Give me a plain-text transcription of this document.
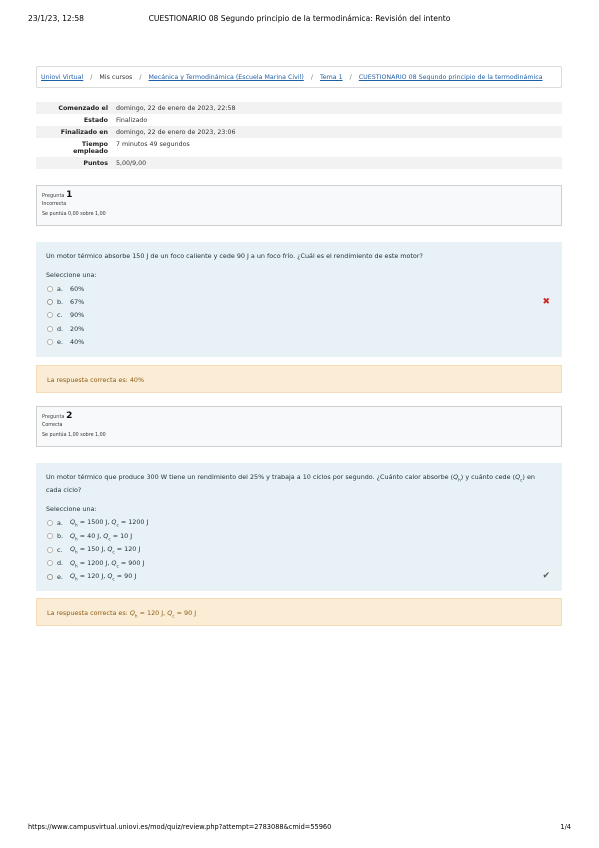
23/1/23, 12:58	CUESTIONARIO 08 Segundo principio de la termodinámica: Revisión del intento
Uniovi Virtual / Mis cursos / Mecánica y Termodinámica (Escuela Marina Civil) / Tema 1 / CUESTIONARIO 08 Segundo principio de la termodinámica
Comenzado el	domingo, 22 de enero de 2023, 22:58
Estado	Finalizado
Finalizado en	domingo, 22 de enero de 2023, 23:06
Tiempo
empleado	7 minutos 49 segundos
Puntos	5,00/9,00
Pregunta 1
Incorrecta
Se puntúa 0,00 sobre 1,00
Un motor térmico absorbe 150 J de un foco caliente y cede 90 J a un foco frío. ¿Cuál es el rendimiento de este motor?
Seleccione una:
a.	60%
b.	67%	✖
c.	90%
d.	20%
e.	40%
La respuesta correcta es: 40%
Pregunta 2
Correcta
Se puntúa 1,00 sobre 1,00
Un motor térmico que produce 300 W tiene un rendimiento del 25% y trabaja a 10 ciclos por segundo. ¿Cuánto calor absorbe $(Q_h)$ y cuánto cede $(Q_c)$ en cada ciclo?
Seleccione una:
a.	$Q_h = 1500$ J, $Q_c = 1200$ J
b.	$Q_h = 40$ J, $Q_c = 10$ J
c.	$Q_h = 150$ J, $Q_c = 120$ J
d.	$Q_h = 1200$ J, $Q_c = 900$ J
e.	$Q_h = 120$ J, $Q_c = 90$ J	✔
La respuesta correcta es: $Q_h = 120$ J, $Q_c = 90$ J
https://www.campusvirtual.uniovi.es/mod/quiz/review.php?attempt=2783088&cmid=55960	1/4
